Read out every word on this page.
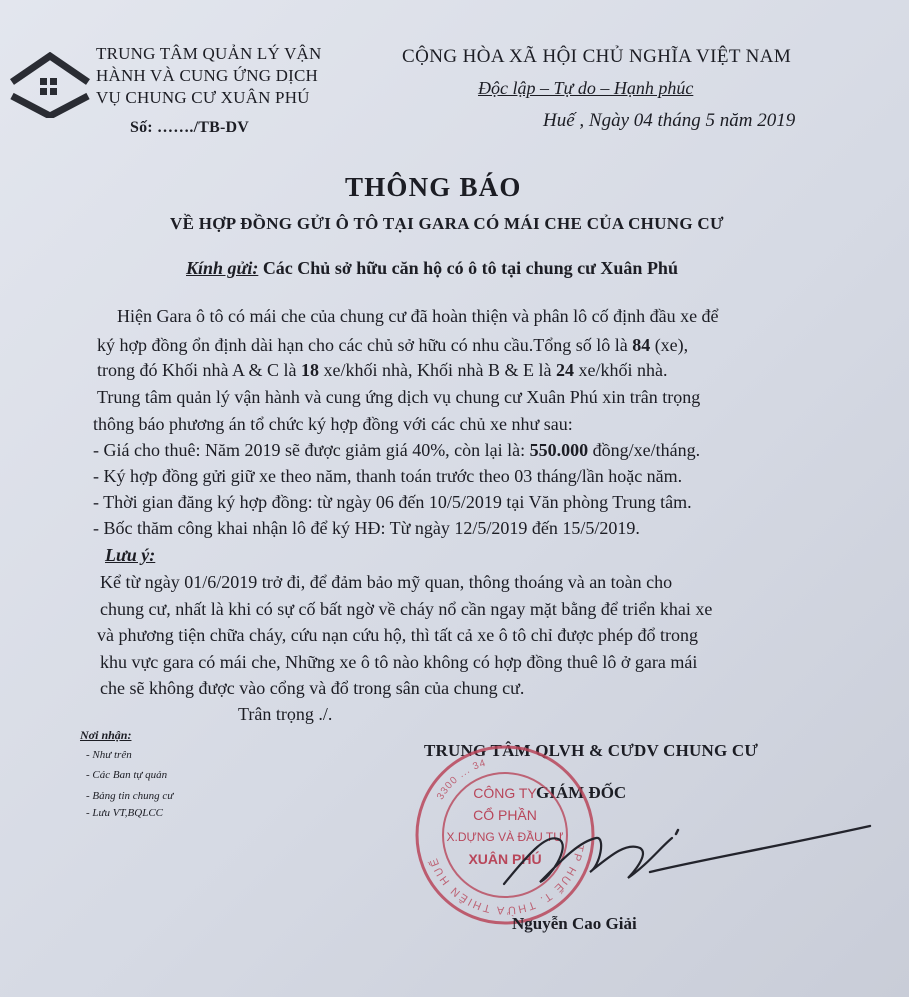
TRUNG TÂM QUẢN LÝ VẬN
HÀNH VÀ CUNG ỨNG DỊCH
VỤ CHUNG CƯ XUÂN PHÚ
Số: ……./TB-DV
CỘNG HÒA XÃ HỘI CHỦ NGHĨA VIỆT NAM
Độc lập – Tự do – Hạnh phúc
Huế , Ngày 04 tháng 5 năm 2019
THÔNG BÁO
VỀ HỢP ĐỒNG GỬI Ô TÔ TẠI GARA CÓ MÁI CHE CỦA CHUNG CƯ
Kính gửi: Các Chủ sở hữu căn hộ có ô tô tại chung cư Xuân Phú
Hiện Gara ô tô có mái che của chung cư đã hoàn thiện và phân lô cố định đầu xe để
ký hợp đồng ổn định dài hạn cho các chủ sở hữu có nhu cầu.Tổng số lô là 84 (xe),
trong đó Khối nhà A & C là 18 xe/khối nhà, Khối nhà B & E là 24 xe/khối nhà.
Trung tâm quản lý vận hành và cung ứng dịch vụ chung cư Xuân Phú xin trân trọng
thông báo phương án tổ chức ký hợp đồng với các chủ xe như sau:
- Giá cho thuê: Năm 2019 sẽ được giảm giá 40%, còn lại là: 550.000 đồng/xe/tháng.
- Ký hợp đồng gửi giữ xe theo năm, thanh toán trước theo 03 tháng/lần hoặc năm.
- Thời gian đăng ký hợp đồng: từ ngày 06 đến 10/5/2019 tại Văn phòng Trung tâm.
- Bốc thăm công khai nhận lô để ký HĐ: Từ ngày 12/5/2019 đến 15/5/2019.
Lưu ý:
Kể từ ngày 01/6/2019 trở đi, để đảm bảo mỹ quan, thông thoáng và an toàn cho
chung cư, nhất là khi có sự cố bất ngờ về cháy nổ cần ngay mặt bằng để triển khai xe
và phương tiện chữa cháy, cứu nạn cứu hộ, thì tất cả xe ô tô chỉ được phép đổ trong
khu vực gara có mái che, Những xe ô tô nào không có hợp đồng thuê lô ở gara mái
che sẽ không được vào cổng và đổ trong sân của chung cư.
Trân trọng ./.
Nơi nhận:
- Như trên
- Các Ban tự quản
- Bảng tin chung cư
- Lưu VT,BQLCC
TRUNG TÂM QLVH & CƯDV CHUNG CƯ
GIÁM ĐỐC
TP HUẾ T. THỪA THIÊN HUẾ
3300 ... 34
CÔNG TY
CỔ PHẦN
X.DỰNG VÀ ĐẦU TƯ
XUÂN PHÚ
Nguyễn Cao Giải
